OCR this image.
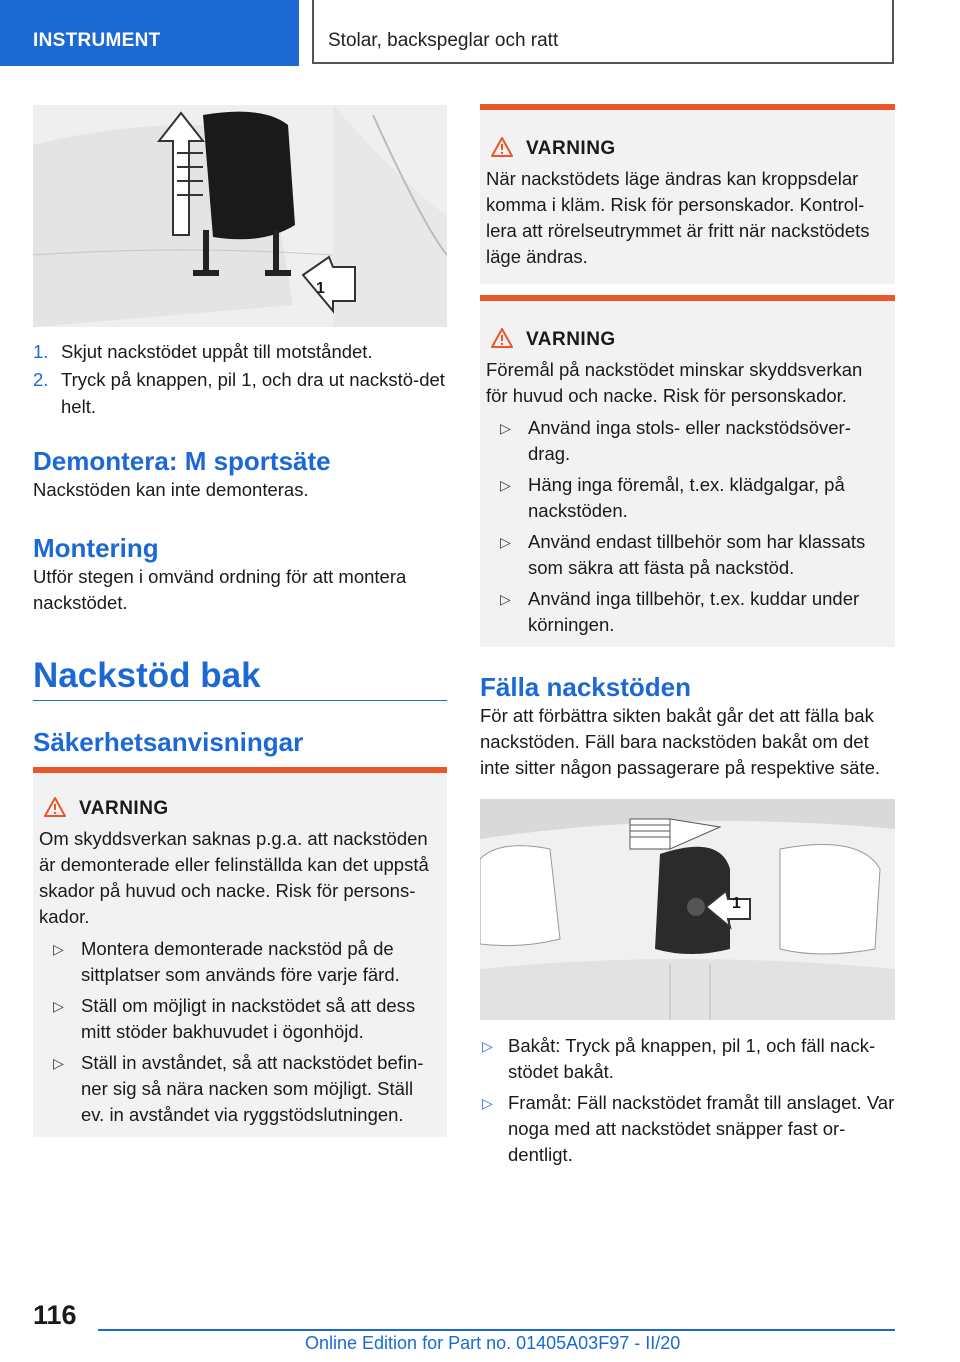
INSTRUMENT	Stolar, backspeglar och ratt
1
1. Skjut nackstödet uppåt till motståndet.
2. Tryck på knappen, pil 1, och dra ut nackstö-det helt.

Demontera: M sportsäte

Nackstöden kan inte demonteras.

Montering

Utför stegen i omvänd ordning för att montera nackstödet.

Nackstöd bak

Säkerhetsanvisningar

VARNING
Om skyddsverkan saknas p.g.a. att nackstöden är demonterade eller felinställda kan det uppstå skador på huvud och nacke. Risk för persons-kador.
▷ Montera demonterade nackstöd på de sittplatser som används före varje färd.
▷ Ställ om möjligt in nackstödet så att dess mitt stöder bakhuvudet i ögonhöjd.
▷ Ställ in avståndet, så att nackstödet befin-ner sig så nära nacken som möjligt. Ställ ev. in avståndet via ryggstödslutningen.
VARNING
När nackstödets läge ändras kan kroppsdelar komma i kläm. Risk för personskador. Kontrol-lera att rörelseutrymmet är fritt när nackstödets läge ändras.
VARNING
Föremål på nackstödet minskar skyddsverkan för huvud och nacke. Risk för personskador.
▷ Använd inga stols- eller nackstödsöver-drag.
▷ Häng inga föremål, t.ex. klädgalgar, på nackstöden.
▷ Använd endast tillbehör som har klassats som säkra att fästa på nackstöd.
▷ Använd inga tillbehör, t.ex. kuddar under körningen.

Fälla nackstöden

För att förbättra sikten bakåt går det att fälla bak nackstöden. Fäll bara nackstöden bakåt om det inte sitter någon passagerare på respektive säte.

1
▷ Bakåt: Tryck på knappen, pil 1, och fäll nack-stödet bakåt.
▷ Framåt: Fäll nackstödet framåt till anslaget. Var noga med att nackstödet snäpper fast or-dentligt.
116
Online Edition for Part no. 01405A03F97 - II/20
